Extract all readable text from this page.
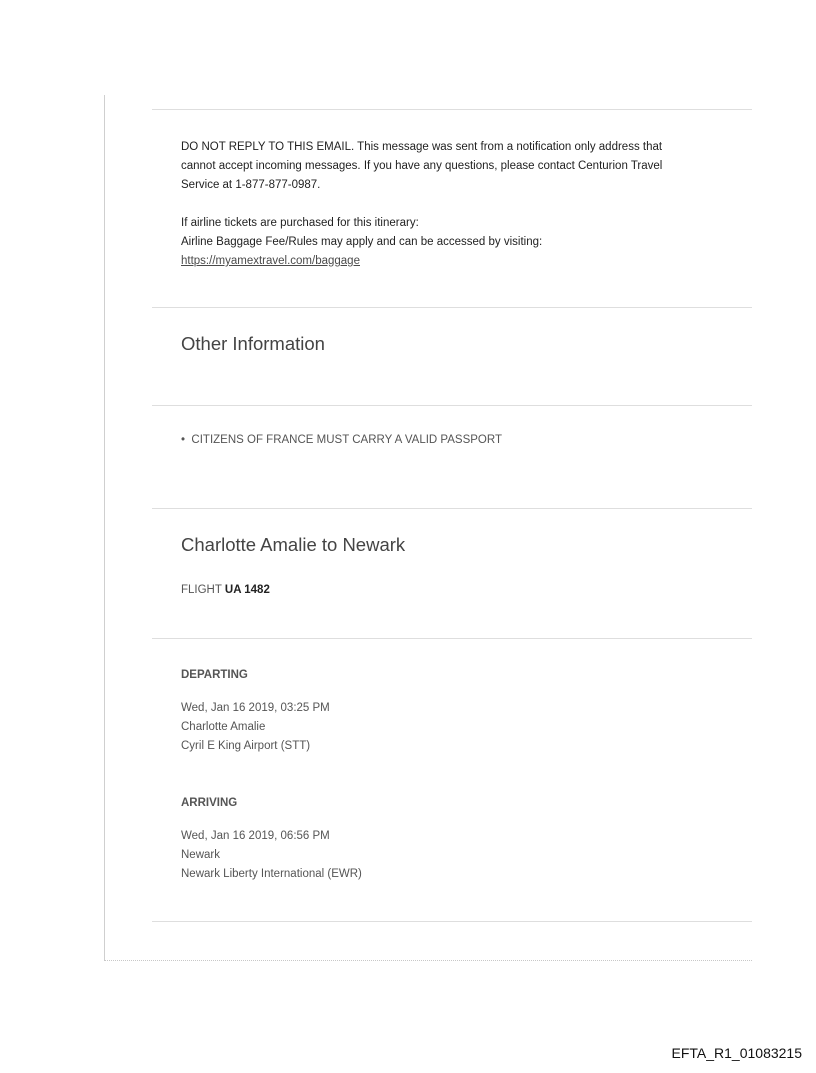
DO NOT REPLY TO THIS EMAIL. This message was sent from a notification only address that
cannot accept incoming messages. If you have any questions, please contact Centurion Travel
Service at 1-877-877-0987.
If airline tickets are purchased for this itinerary:
Airline Baggage Fee/Rules may apply and can be accessed by visiting:
https://myamextravel.com/baggage
Other Information
• CITIZENS OF FRANCE MUST CARRY A VALID PASSPORT
Charlotte Amalie to Newark
FLIGHT UA 1482
DEPARTING
Wed, Jan 16 2019, 03:25 PM
Charlotte Amalie
Cyril E King Airport (STT)
ARRIVING
Wed, Jan 16 2019, 06:56 PM
Newark
Newark Liberty International (EWR)
EFTA_R1_01083215
